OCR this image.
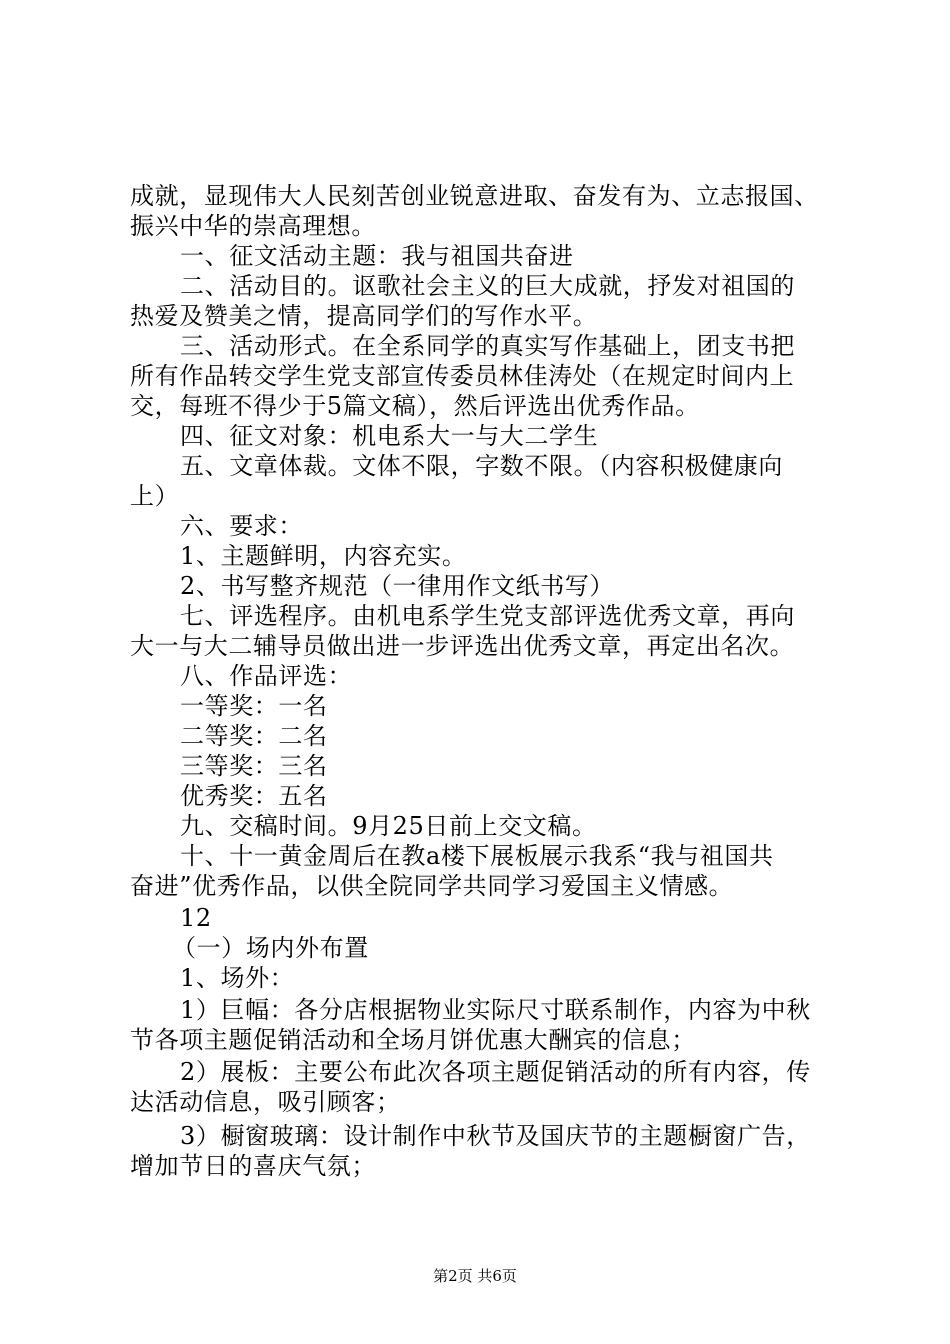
成就，显现伟大人民刻苦创业锐意进取、奋发有为、立志报国、
振兴中华的崇高理想。
一、征文活动主题：我与祖国共奋进
二、活动目的。讴歌社会主义的巨大成就，抒发对祖国的
热爱及赞美之情，提高同学们的写作水平。
三、活动形式。在全系同学的真实写作基础上，团支书把
所有作品转交学生党支部宣传委员林佳涛处（在规定时间内上
交，每班不得少于5篇文稿），然后评选出优秀作品。
四、征文对象：机电系大一与大二学生
五、文章体裁。文体不限，字数不限。（内容积极健康向
上）
六、要求：
1、主题鲜明，内容充实。
2、书写整齐规范（一律用作文纸书写）
七、评选程序。由机电系学生党支部评选优秀文章，再向
大一与大二辅导员做出进一步评选出优秀文章，再定出名次。
八、作品评选：
一等奖：一名
二等奖：二名
三等奖：三名
优秀奖：五名
九、交稿时间。9月25日前上交文稿。
十、十一黄金周后在教a楼下展板展示我系“我与祖国共
奋进”优秀作品，以供全院同学共同学习爱国主义情感。
12
（一）场内外布置
1、场外：
1）巨幅：各分店根据物业实际尺寸联系制作，内容为中秋
节各项主题促销活动和全场月饼优惠大酬宾的信息；
2）展板：主要公布此次各项主题促销活动的所有内容，传
达活动信息，吸引顾客；
3）橱窗玻璃：设计制作中秋节及国庆节的主题橱窗广告，
增加节日的喜庆气氛；
第2页 共6页
